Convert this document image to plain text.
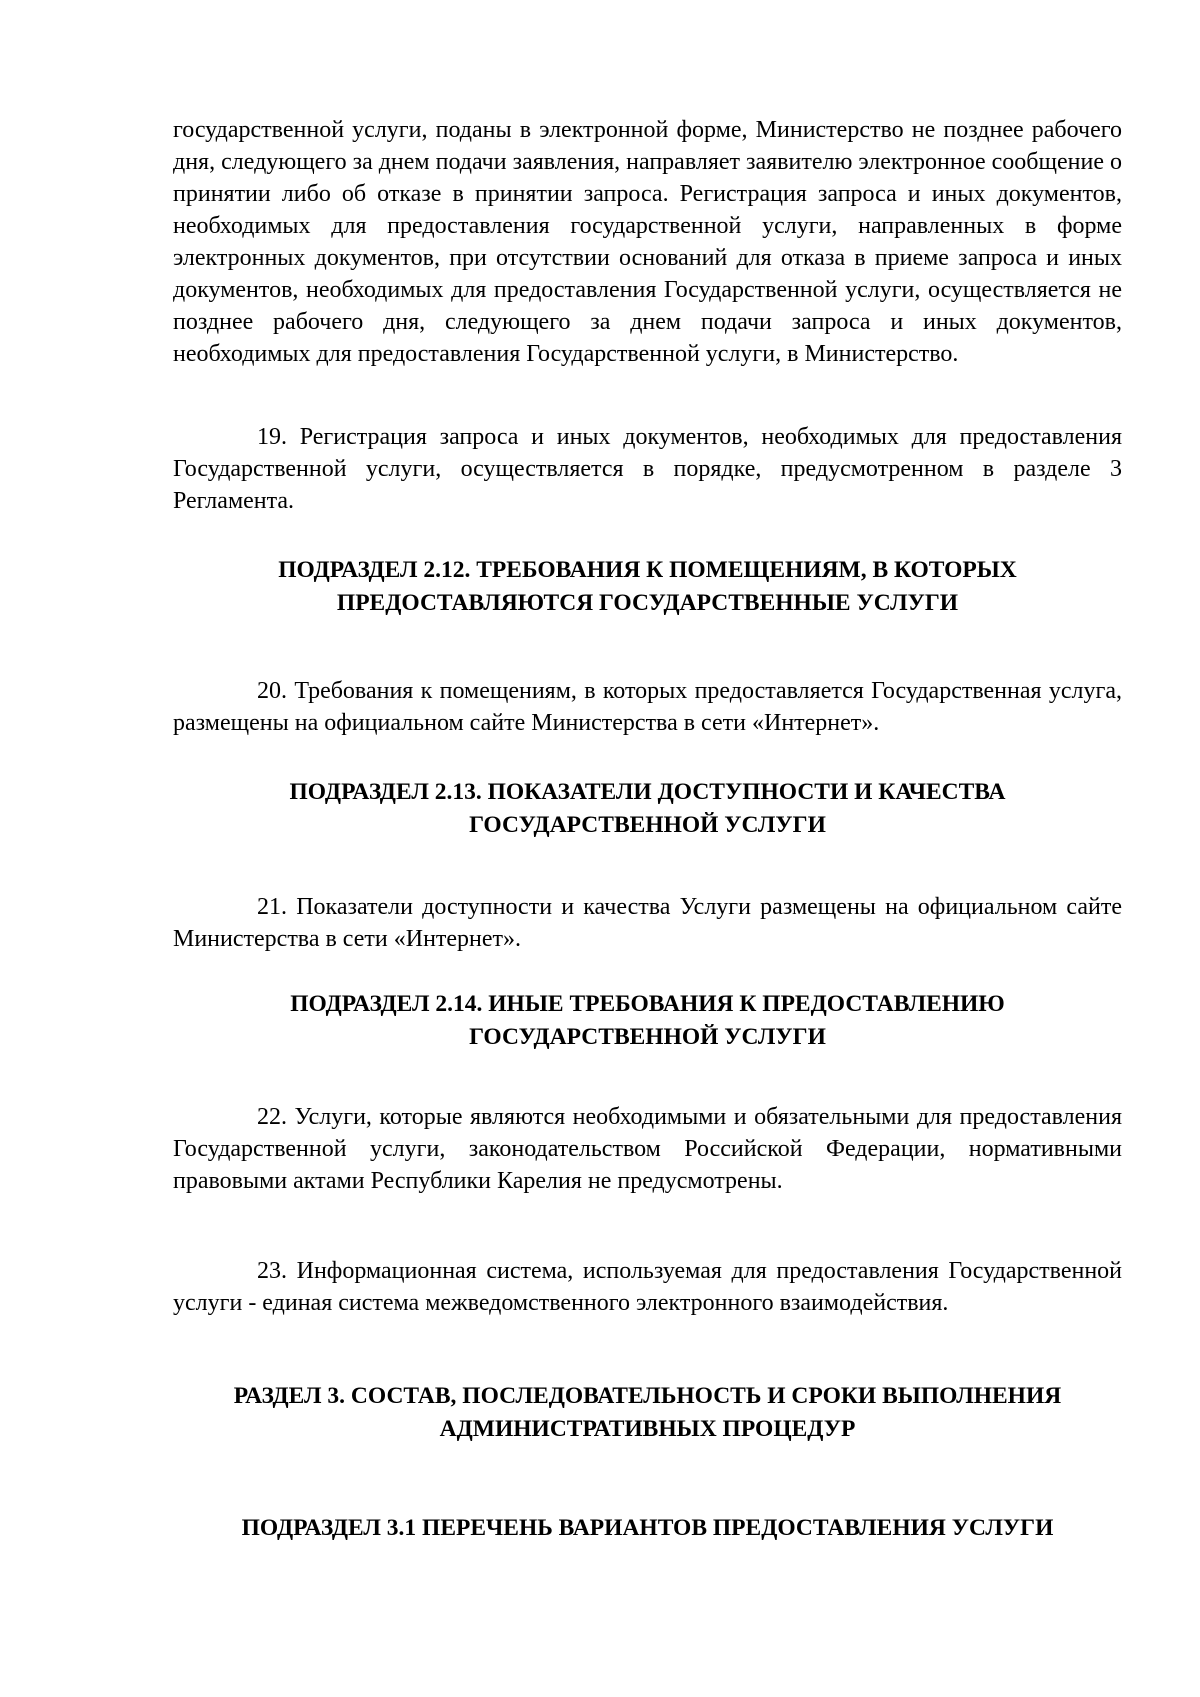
государственной услуги, поданы в электронной форме, Министерство не позднее рабочего дня, следующего за днем подачи заявления, направляет заявителю электронное сообщение о принятии либо об отказе в принятии запроса. Регистрация запроса и иных документов, необходимых для предоставления государственной услуги, направленных в форме электронных документов, при отсутствии оснований для отказа в приеме запроса и иных документов, необходимых для предоставления Государственной услуги, осуществляется не позднее рабочего дня, следующего за днем подачи запроса и иных документов, необходимых для предоставления Государственной услуги, в Министерство.

19. Регистрация запроса и иных документов, необходимых для предоставления Государственной услуги, осуществляется в порядке, предусмотренном в разделе 3 Регламента.

ПОДРАЗДЕЛ 2.12. ТРЕБОВАНИЯ К ПОМЕЩЕНИЯМ, В КОТОРЫХ
ПРЕДОСТАВЛЯЮТСЯ ГОСУДАРСТВЕННЫЕ УСЛУГИ

20. Требования к помещениям, в которых предоставляется Государственная услуга, размещены на официальном сайте Министерства в сети «Интернет».

ПОДРАЗДЕЛ 2.13. ПОКАЗАТЕЛИ ДОСТУПНОСТИ И КАЧЕСТВА
ГОСУДАРСТВЕННОЙ УСЛУГИ

21. Показатели доступности и качества Услуги размещены на официальном сайте Министерства в сети «Интернет».

ПОДРАЗДЕЛ 2.14. ИНЫЕ ТРЕБОВАНИЯ К ПРЕДОСТАВЛЕНИЮ
ГОСУДАРСТВЕННОЙ УСЛУГИ

22. Услуги, которые являются необходимыми и обязательными для предоставления Государственной услуги, законодательством Российской Федерации, нормативными правовыми актами Республики Карелия не предусмотрены.

23. Информационная система, используемая для предоставления Государственной услуги - единая система межведомственного электронного взаимодействия.

РАЗДЕЛ 3. СОСТАВ, ПОСЛЕДОВАТЕЛЬНОСТЬ И СРОКИ ВЫПОЛНЕНИЯ
АДМИНИСТРАТИВНЫХ ПРОЦЕДУР
ПОДРАЗДЕЛ 3.1 ПЕРЕЧЕНЬ ВАРИАНТОВ ПРЕДОСТАВЛЕНИЯ УСЛУГИ
